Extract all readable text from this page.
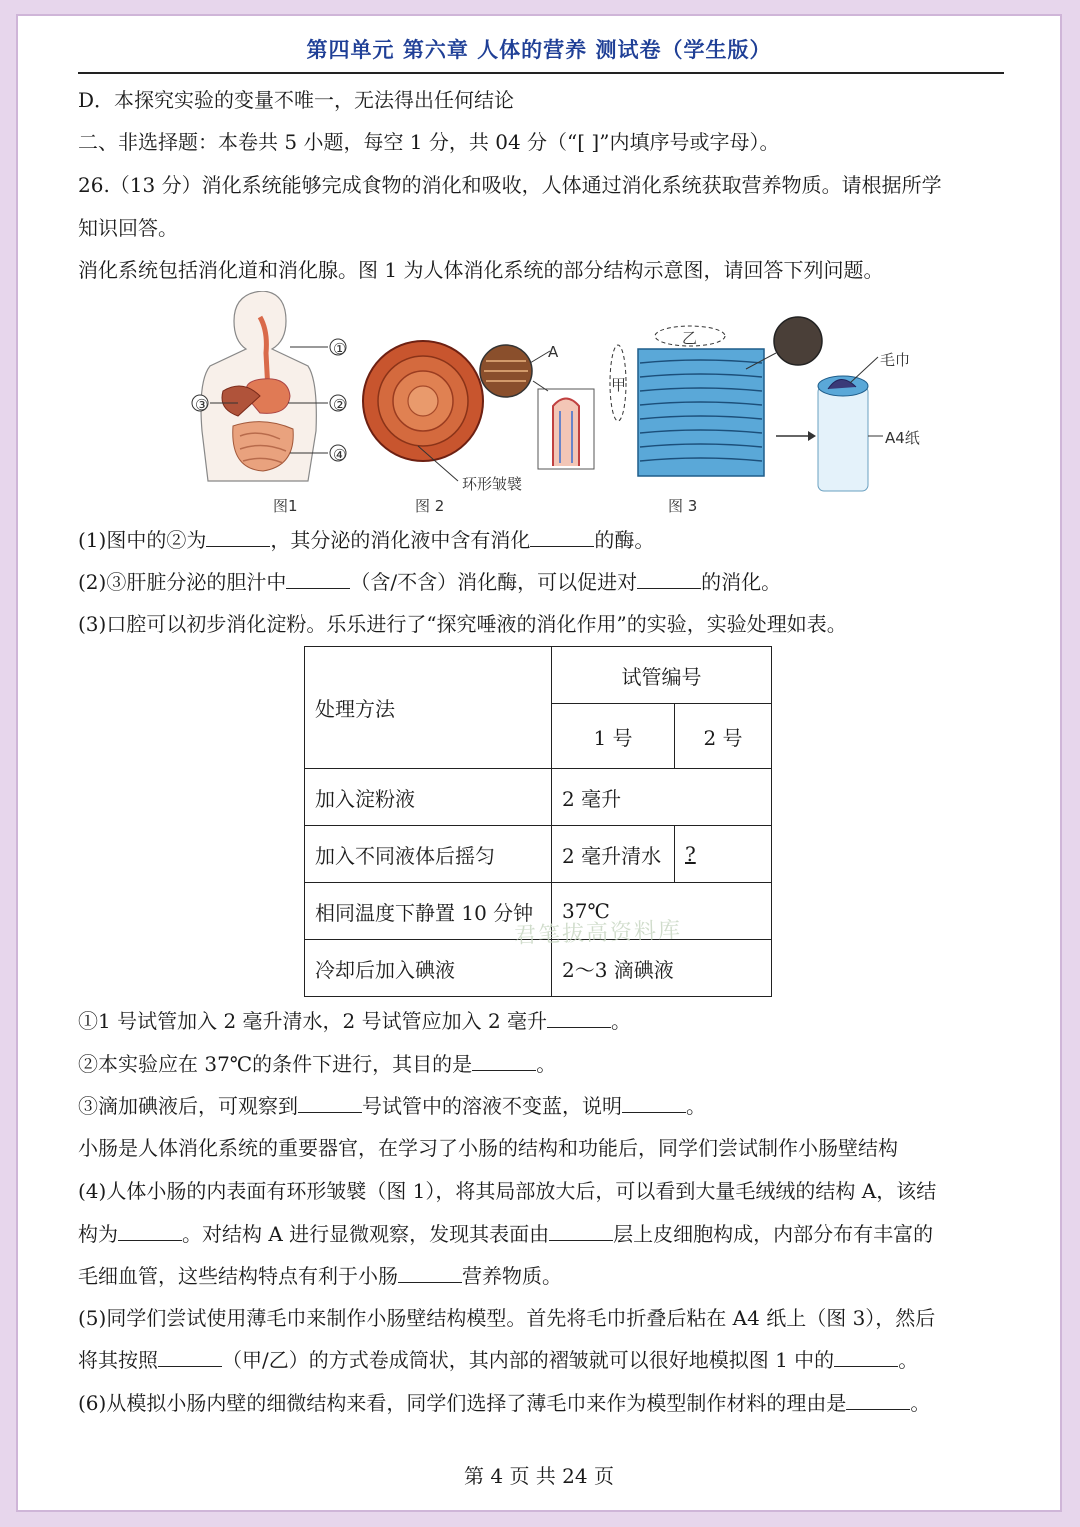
第四单元 第六章 人体的营养 测试卷（学生版）
D．本探究实验的变量不唯一，无法得出任何结论
二、非选择题：本卷共 5 小题，每空 1 分，共 04 分（“[ ]”内填序号或字母）。
26.（13 分）消化系统能够完成食物的消化和吸收，人体通过消化系统获取营养物质。请根据所学
知识回答。
消化系统包括消化道和消化腺。图 1 为人体消化系统的部分结构示意图，请回答下列问题。
①
②
③
④
A
环形皱襞
乙
甲
毛巾
A4纸
图1	图 2	图 3
(1)图中的②为	，其分泌的消化液中含有消化	的酶。
(2)③肝脏分泌的胆汁中	（含/不含）消化酶，可以促进对	的消化。
(3)口腔可以初步消化淀粉。乐乐进行了“探究唾液的消化作用”的实验，实验处理如表。
处理方法	试管编号	
	1 号	2 号
加入淀粉液	2 毫升	
加入不同液体后摇匀	2 毫升清水	?
相同温度下静置 10 分钟	37℃	
冷却后加入碘液	2～3 滴碘液	
君笔拔高资料库
①1 号试管加入 2 毫升清水，2 号试管应加入 2 毫升	。
②本实验应在 37℃的条件下进行，其目的是	。
③滴加碘液后，可观察到	号试管中的溶液不变蓝，说明	。
小肠是人体消化系统的重要器官，在学习了小肠的结构和功能后，同学们尝试制作小肠壁结构
(4)人体小肠的内表面有环形皱襞（图 1），将其局部放大后，可以看到大量毛绒绒的结构 A，该结
构为	。对结构 A 进行显微观察，发现其表面由	层上皮细胞构成，内部分布有丰富的
毛细血管，这些结构特点有利于小肠	营养物质。
(5)同学们尝试使用薄毛巾来制作小肠壁结构模型。首先将毛巾折叠后粘在 A4 纸上（图 3），然后
将其按照	（甲/乙）的方式卷成筒状，其内部的褶皱就可以很好地模拟图 1 中的	。
(6)从模拟小肠内壁的细微结构来看，同学们选择了薄毛巾来作为模型制作材料的理由是	。
第 4 页 共 24 页
